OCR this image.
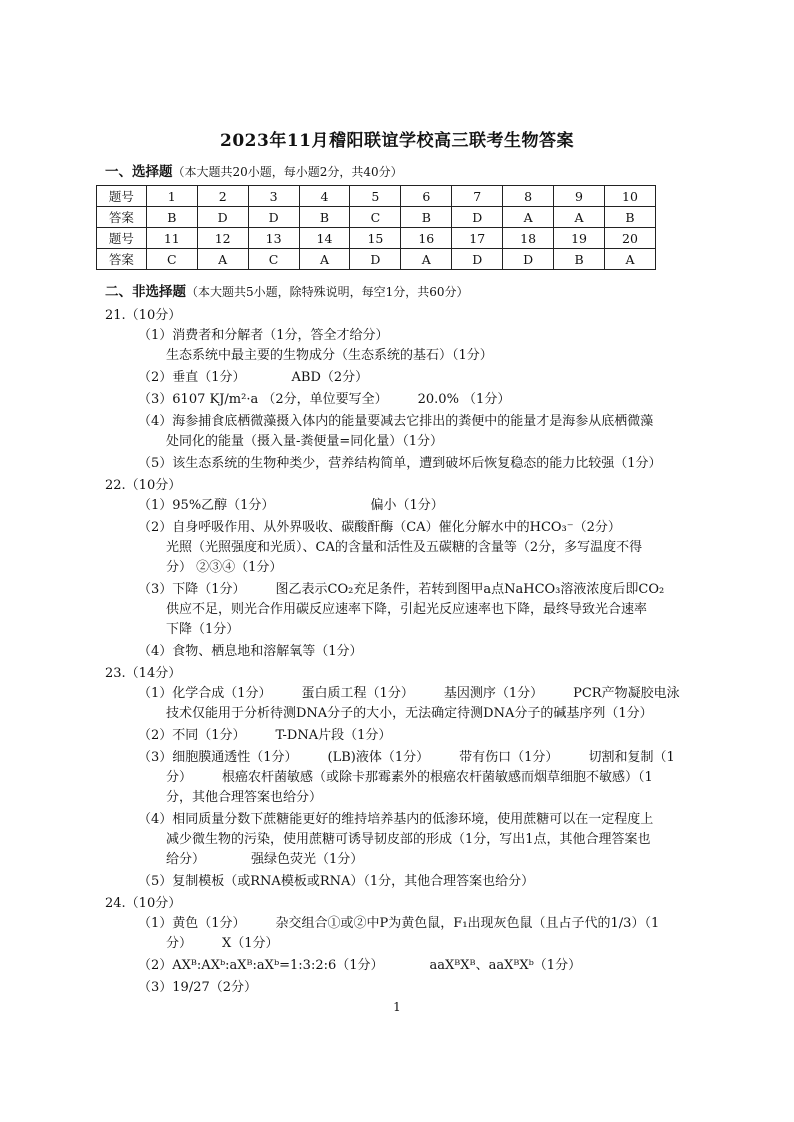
2023年11月稽阳联谊学校高三联考生物答案
一、选择题（本大题共20小题，每小题2分，共40分）
题号	1	2	3	4	5	6	7	8	9	10
答案	B	D	D	B	C	B	D	A	A	B
题号	11	12	13	14	15	16	17	18	19	20
答案	C	A	C	A	D	A	D	D	B	A
二、非选择题（本大题共5小题，除特殊说明，每空1分，共60分）
21.（10分）
（1）消费者和分解者（1分，答全才给分）
生态系统中最主要的生物成分（生态系统的基石）（1分）
（2）垂直（1分）	ABD（2分）
（3）6107 KJ/m²·a （2分，单位要写全） 20.0% （1分）
（4）海参捕食底栖微藻摄入体内的能量要减去它排出的粪便中的能量才是海参从底栖微藻
处同化的能量（摄入量-粪便量=同化量）（1分）
（5）该生态系统的生物种类少，营养结构简单，遭到破坏后恢复稳态的能力比较强（1分）
22.（10分）
（1）95%乙醇（1分）	偏小（1分）
（2）自身呼吸作用、从外界吸收、碳酸酐酶（CA）催化分解水中的HCO₃⁻（2分）
光照（光照强度和光质）、CA的含量和活性及五碳糖的含量等（2分，多写温度不得
分） ②③④（1分）
（3）下降（1分） 图乙表示CO₂充足条件，若转到图甲a点NaHCO₃溶液浓度后即CO₂
供应不足，则光合作用碳反应速率下降，引起光反应速率也下降，最终导致光合速率
下降（1分）
（4）食物、栖息地和溶解氧等（1分）
23.（14分）
（1）化学合成（1分） 蛋白质工程（1分） 基因测序（1分） PCR产物凝胶电泳
技术仅能用于分析待测DNA分子的大小，无法确定待测DNA分子的碱基序列（1分）
（2）不同（1分） T-DNA片段（1分）
（3）细胞膜通透性（1分） (LB)液体（1分） 带有伤口（1分） 切割和复制（1
分） 根癌农杆菌敏感（或除卡那霉素外的根癌农杆菌敏感而烟草细胞不敏感）（1
分，其他合理答案也给分）
（4）相同质量分数下蔗糖能更好的维持培养基内的低渗环境，使用蔗糖可以在一定程度上
减少微生物的污染，使用蔗糖可诱导韧皮部的形成（1分，写出1点，其他合理答案也
给分）	强绿色荧光（1分）
（5）复制模板（或RNA模板或RNA）（1分，其他合理答案也给分）
24.（10分）
（1）黄色（1分） 杂交组合①或②中P为黄色鼠，F₁出现灰色鼠（且占子代的1/3）（1
分） X（1分）
（2）AXᴮ:AXᵇ:aXᴮ:aXᵇ=1:3:2:6（1分）	aaXᴮXᴮ、aaXᴮXᵇ（1分）
（3）19/27（2分）
1
